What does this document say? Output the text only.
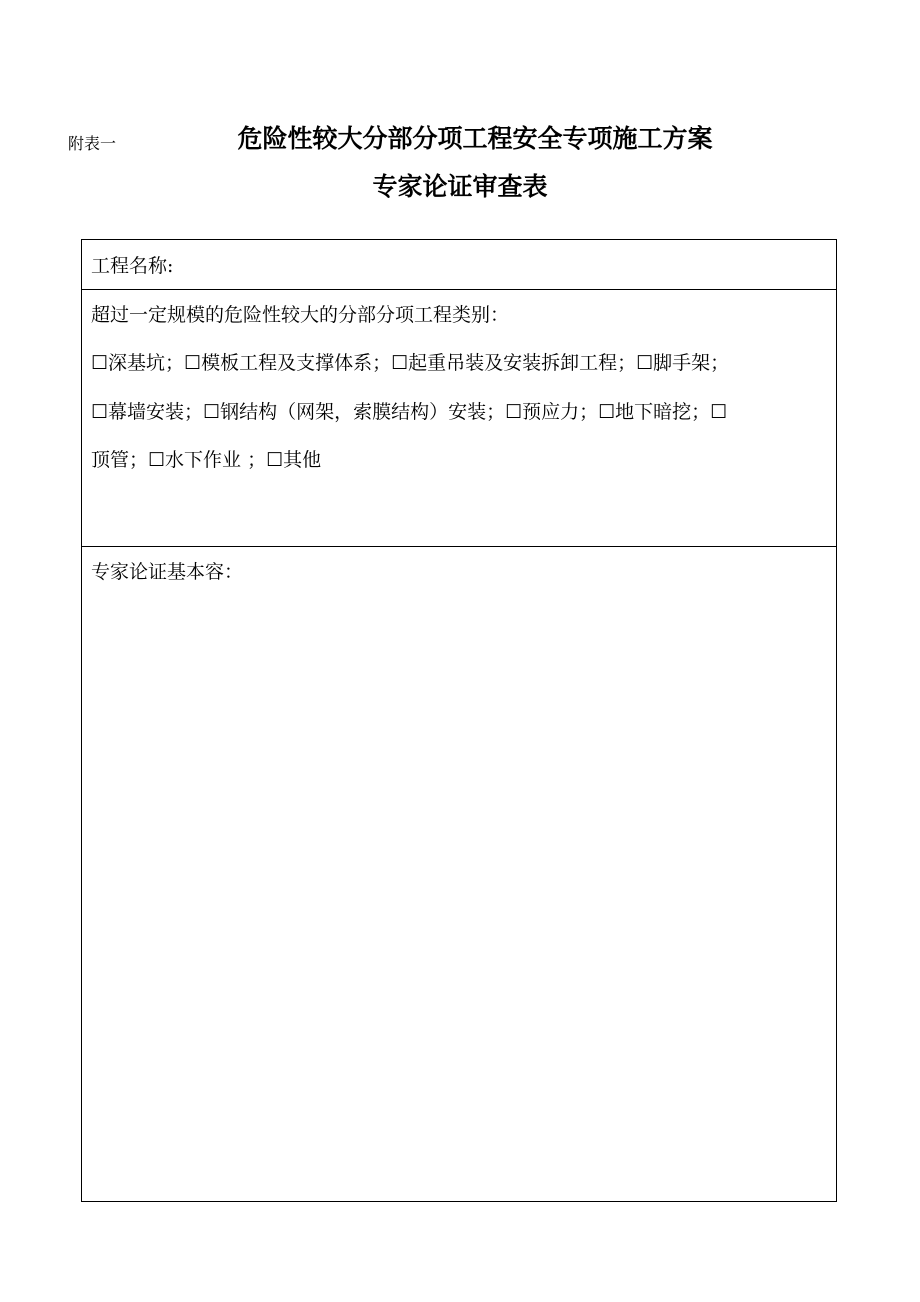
附表一	危险性较大分部分项工程安全专项施工方案
专家论证审查表
工程名称:
超过一定规模的危险性较大的分部分项工程类别：
☐深基坑；☐模板工程及支撑体系；☐起重吊装及安装拆卸工程；☐脚手架；
☐幕墙安装；☐钢结构（网架，索膜结构）安装；☐预应力；☐地下暗挖；☐
顶管；☐水下作业 ；☐其他
专家论证基本容：
